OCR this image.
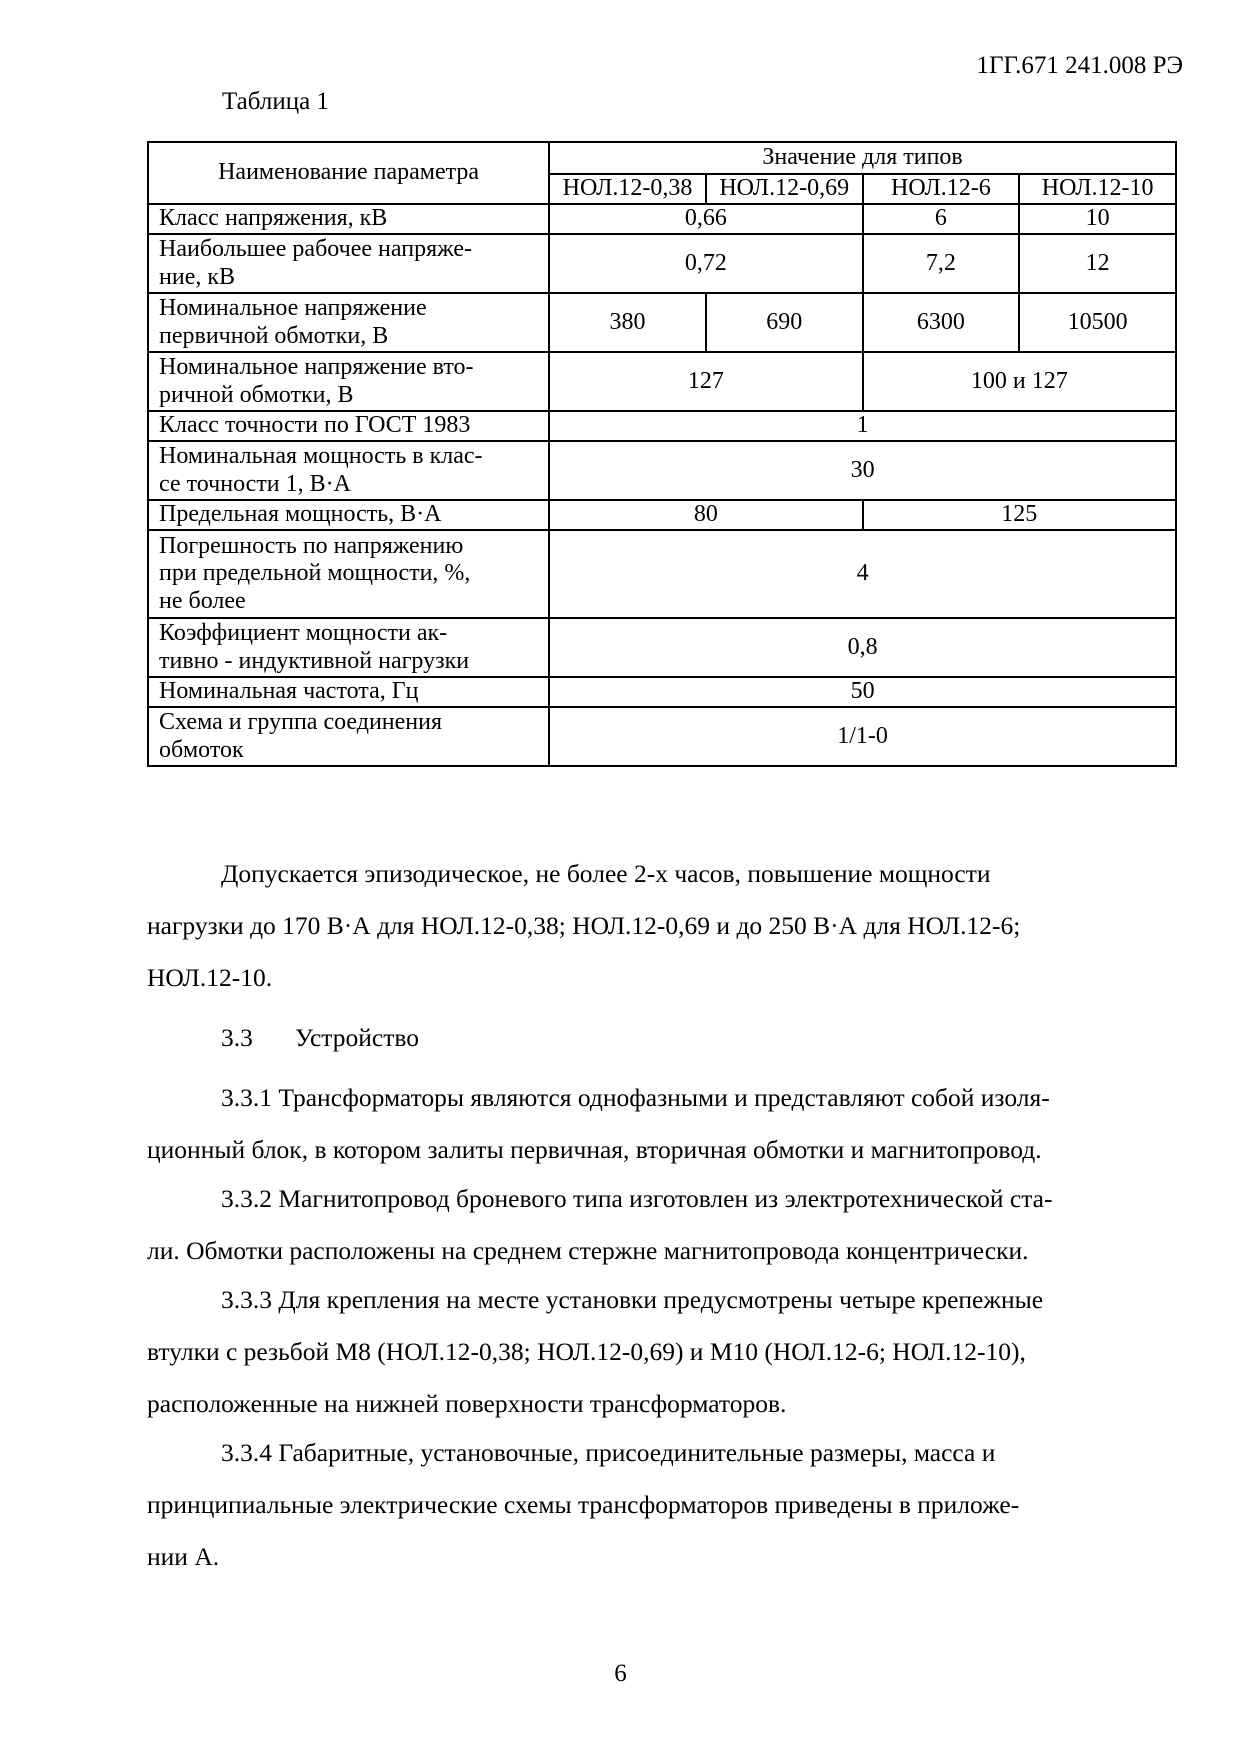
1ГГ.671 241.008 РЭ
Таблица 1
Наименование параметра	Значение для типов			
	НОЛ.12-0,38	НОЛ.12-0,69	НОЛ.12-6	НОЛ.12-10
Класс напряжения, кВ	0,66		6	10
Наибольшее рабочее напряже-
ние, кВ	0,72		7,2	12
Номинальное напряжение
первичной обмотки, В	380	690	6300	10500
Номинальное напряжение вто-
ричной обмотки, В	127		100 и 127	
Класс точности по ГОСТ 1983	1			
Номинальная мощность в клас-
се точности 1, В·А	30			
Предельная мощность, В·А	80		125	
Погрешность по напряжению
при предельной мощности, %,
не более	4			
Коэффициент мощности ак-
тивно - индуктивной нагрузки	0,8			
Номинальная частота, Гц	50			
Схема и группа соединения
обмоток	1/1-0			
Допускается эпизодическое, не более 2-х часов, повышение мощности
нагрузки до 170 В·А для НОЛ.12-0,38; НОЛ.12-0,69 и до 250 В·А для НОЛ.12-6;
НОЛ.12-10.
3.3 Устройство
3.3.1 Трансформаторы являются однофазными и представляют собой изоля-
ционный блок, в котором залиты первичная, вторичная обмотки и магнитопровод.
3.3.2 Магнитопровод броневого типа изготовлен из электротехнической ста-
ли. Обмотки расположены на среднем стержне магнитопровода концентрически.
3.3.3 Для крепления на месте установки предусмотрены четыре крепежные
втулки с резьбой М8 (НОЛ.12-0,38; НОЛ.12-0,69) и М10 (НОЛ.12-6; НОЛ.12-10),
расположенные на нижней поверхности трансформаторов.
3.3.4 Габаритные, установочные, присоединительные размеры, масса и
принципиальные электрические схемы трансформаторов приведены в приложе-
нии А.
6
